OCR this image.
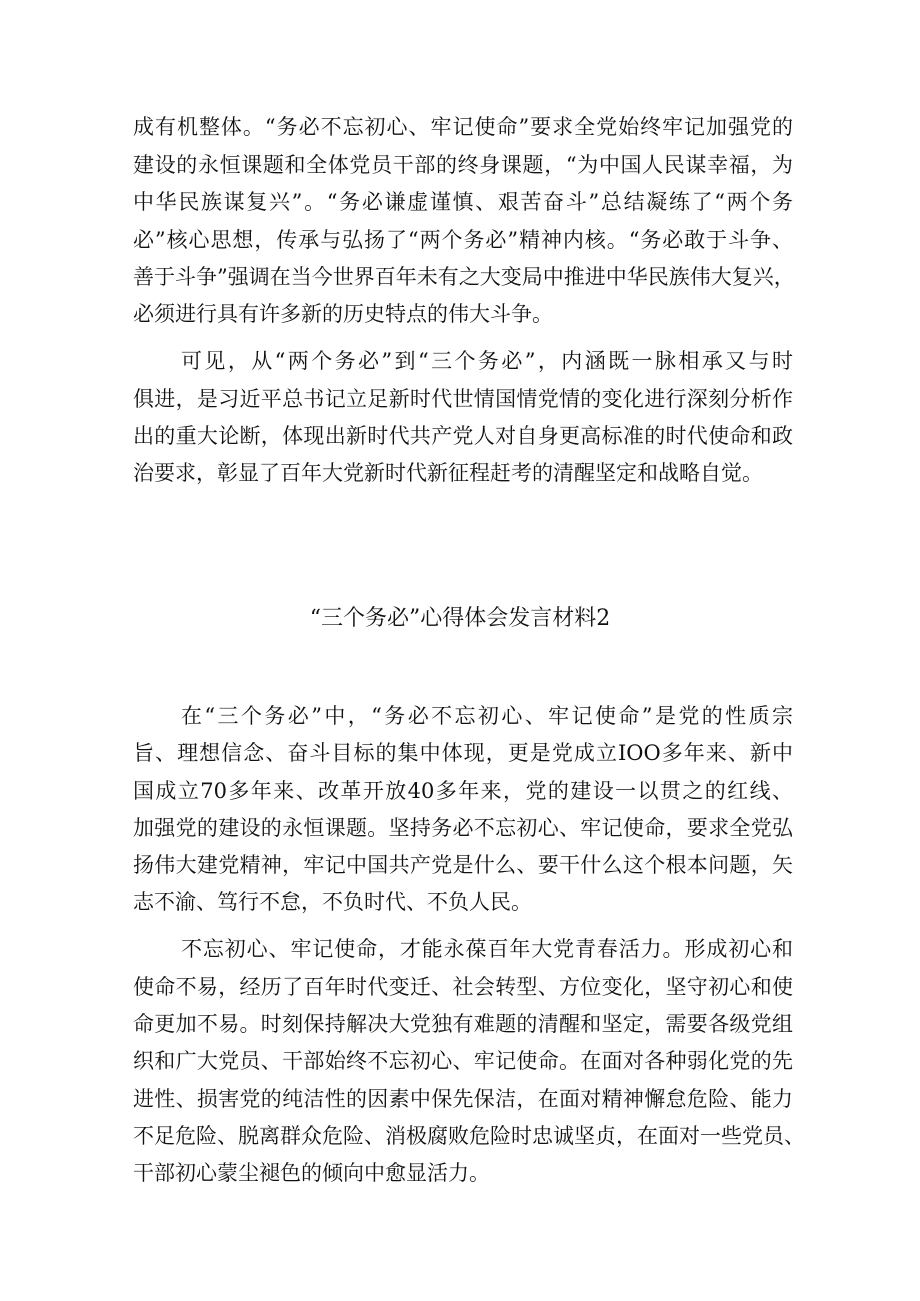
成有机整体。“务必不忘初心、牢记使命”要求全党始终牢记加强党的
建设的永恒课题和全体党员干部的终身课题，“为中国人民谋幸福，为
中华民族谋复兴”。“务必谦虚谨慎、艰苦奋斗”总结凝练了“两个务
必”核心思想，传承与弘扬了“两个务必”精神内核。“务必敢于斗争、
善于斗争”强调在当今世界百年未有之大变局中推进中华民族伟大复兴，
必须进行具有许多新的历史特点的伟大斗争。
可见，从“两个务必”到“三个务必”，内涵既一脉相承又与时
俱进，是习近平总书记立足新时代世情国情党情的变化进行深刻分析作
出的重大论断，体现出新时代共产党人对自身更高标准的时代使命和政
治要求，彰显了百年大党新时代新征程赶考的清醒坚定和战略自觉。
“三个务必”心得体会发言材料2
在“三个务必”中，“务必不忘初心、牢记使命”是党的性质宗
旨、理想信念、奋斗目标的集中体现，更是党成立IOO多年来、新中
国成立70多年来、改革开放40多年来，党的建设一以贯之的红线、
加强党的建设的永恒课题。坚持务必不忘初心、牢记使命，要求全党弘
扬伟大建党精神，牢记中国共产党是什么、要干什么这个根本问题，矢
志不渝、笃行不怠，不负时代、不负人民。
不忘初心、牢记使命，才能永葆百年大党青春活力。形成初心和
使命不易，经历了百年时代变迁、社会转型、方位变化，坚守初心和使
命更加不易。时刻保持解决大党独有难题的清醒和坚定，需要各级党组
织和广大党员、干部始终不忘初心、牢记使命。在面对各种弱化党的先
进性、损害党的纯洁性的因素中保先保洁，在面对精神懈怠危险、能力
不足危险、脱离群众危险、消极腐败危险时忠诚坚贞，在面对一些党员、
干部初心蒙尘褪色的倾向中愈显活力。
